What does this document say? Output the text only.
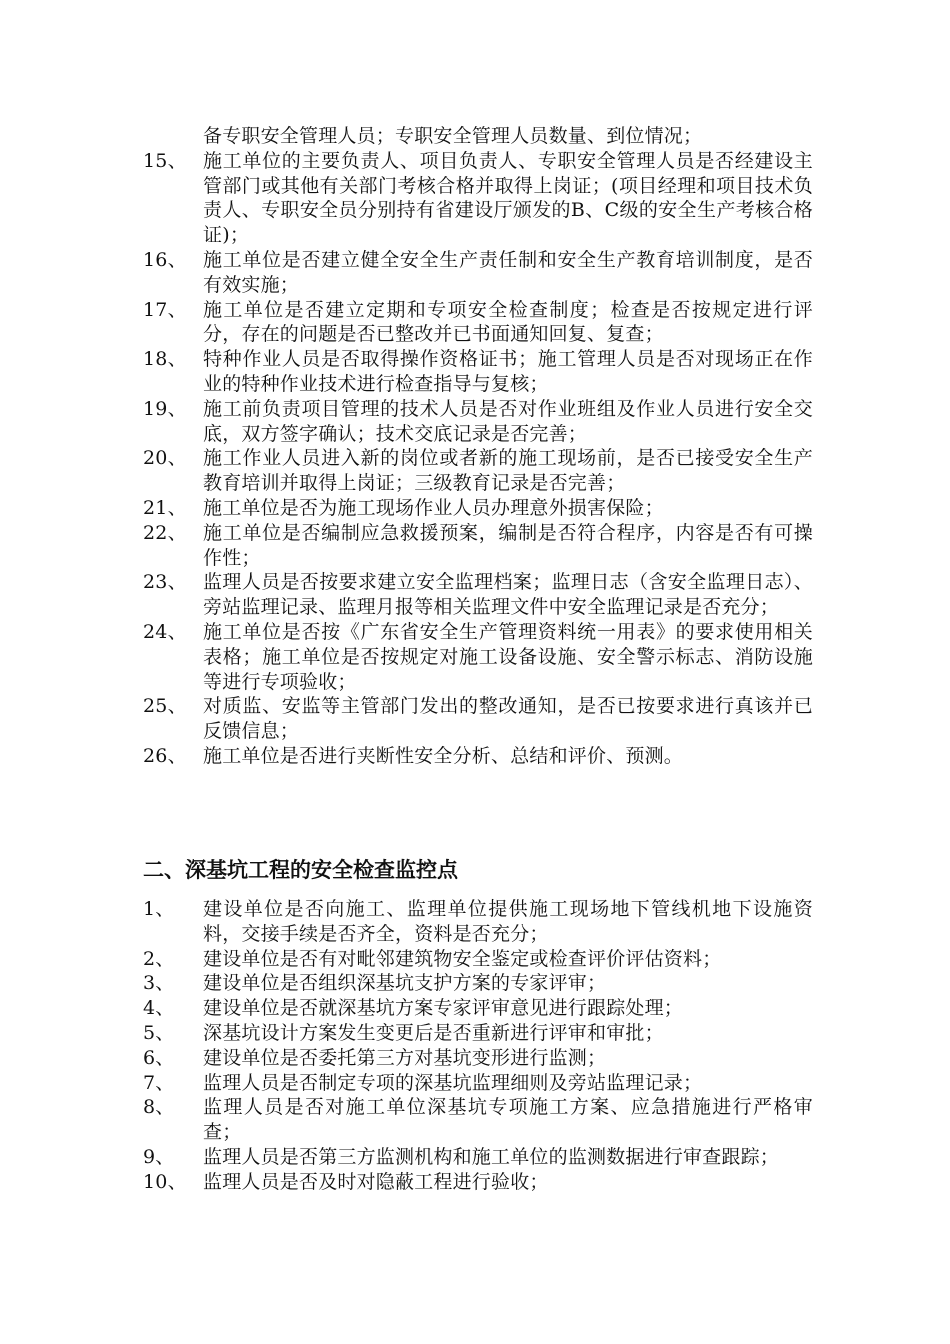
备专职安全管理人员；专职安全管理人员数量、到位情况；
15、 施工单位的主要负责人、项目负责人、专职安全管理人员是否经建设主管部门或其他有关部门考核合格并取得上岗证；(项目经理和项目技术负责人、专职安全员分别持有省建设厅颁发的B、C级的安全生产考核合格证)；
16、 施工单位是否建立健全安全生产责任制和安全生产教育培训制度，是否有效实施；
17、 施工单位是否建立定期和专项安全检查制度；检查是否按规定进行评分，存在的问题是否已整改并已书面通知回复、复查；
18、 特种作业人员是否取得操作资格证书；施工管理人员是否对现场正在作业的特种作业技术进行检查指导与复核；
19、 施工前负责项目管理的技术人员是否对作业班组及作业人员进行安全交底，双方签字确认；技术交底记录是否完善；
20、 施工作业人员进入新的岗位或者新的施工现场前，是否已接受安全生产教育培训并取得上岗证；三级教育记录是否完善；
21、 施工单位是否为施工现场作业人员办理意外损害保险；
22、 施工单位是否编制应急救援预案，编制是否符合程序，内容是否有可操作性；
23、 监理人员是否按要求建立安全监理档案；监理日志（含安全监理日志）、旁站监理记录、监理月报等相关监理文件中安全监理记录是否充分；
24、 施工单位是否按《广东省安全生产管理资料统一用表》的要求使用相关表格；施工单位是否按规定对施工设备设施、安全警示标志、消防设施等进行专项验收；
25、 对质监、安监等主管部门发出的整改通知，是否已按要求进行真该并已反馈信息；
26、 施工单位是否进行夹断性安全分析、总结和评价、预测。
二、深基坑工程的安全检查监控点
1、	建设单位是否向施工、监理单位提供施工现场地下管线机地下设施资料，交接手续是否齐全，资料是否充分；
2、	建设单位是否有对毗邻建筑物安全鉴定或检查评价评估资料；
3、	建设单位是否组织深基坑支护方案的专家评审；
4、	建设单位是否就深基坑方案专家评审意见进行跟踪处理；
5、	深基坑设计方案发生变更后是否重新进行评审和审批；
6、	建设单位是否委托第三方对基坑变形进行监测；
7、	监理人员是否制定专项的深基坑监理细则及旁站监理记录；
8、	监理人员是否对施工单位深基坑专项施工方案、应急措施进行严格审查；
9、	监理人员是否第三方监测机构和施工单位的监测数据进行审查跟踪；
10、 监理人员是否及时对隐蔽工程进行验收；
